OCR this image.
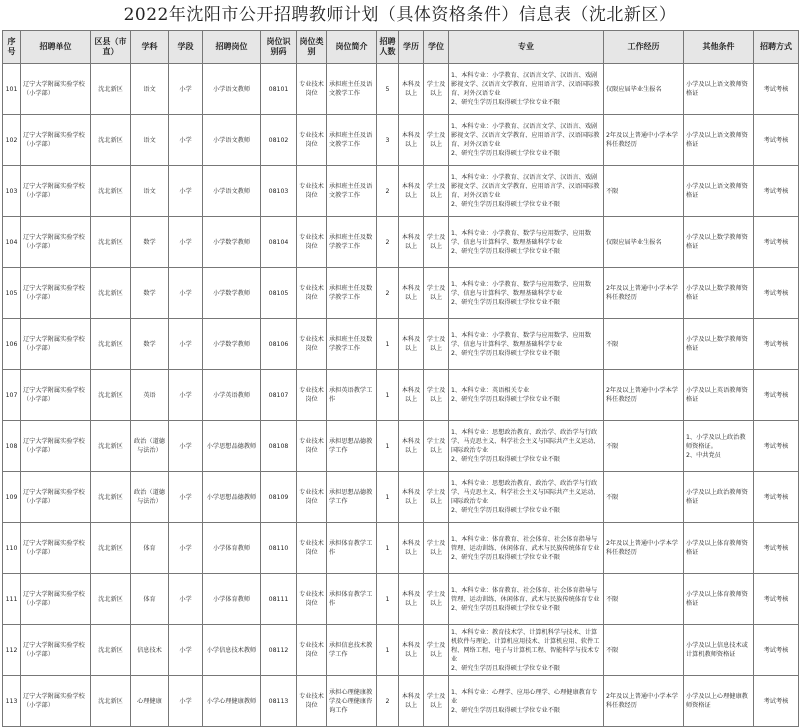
2022年沈阳市公开招聘教师计划（具体资格条件）信息表（沈北新区）
序号	招聘单位	区县（市直）	学科	学段	招聘岗位	岗位识别码	岗位类别	岗位简介	招聘人数	学历	学位	专业	工作经历	其他条件	招聘方式
101	辽宁大学附属实验学校（小学部）	沈北新区	语文	小学	小学语文教师	08101	专业技术岗位	承担班主任及语文教学工作	5	本科及以上	学士及以上	1、本科专业：小学教育、汉语言文学、汉语言、戏剧影视文学、汉语言文学教育、应用语言学、汉语国际教育、对外汉语专业
2、研究生学历且取得硕士学位专业不限	仅限应届毕业生报名	小学及以上语文教师资格证	考试考核
102	辽宁大学附属实验学校（小学部）	沈北新区	语文	小学	小学语文教师	08102	专业技术岗位	承担班主任及语文教学工作	3	本科及以上	学士及以上	1、本科专业：小学教育、汉语言文学、汉语言、戏剧影视文学、汉语言文学教育、应用语言学、汉语国际教育、对外汉语专业
2、研究生学历且取得硕士学位专业不限	2年及以上普通中小学本学科任教经历	小学及以上语文教师资格证	考试考核
103	辽宁大学附属实验学校（小学部）	沈北新区	语文	小学	小学语文教师	08103	专业技术岗位	承担班主任及语文教学工作	2	本科及以上	学士及以上	1、本科专业：小学教育、汉语言文学、汉语言、戏剧影视文学、汉语言文学教育、应用语言学、汉语国际教育、对外汉语专业
2、研究生学历且取得硕士学位专业不限	不限	小学及以上语文教师资格证	考试考核
104	辽宁大学附属实验学校（小学部）	沈北新区	数学	小学	小学数学教师	08104	专业技术岗位	承担班主任及数学教学工作	2	本科及以上	学士及以上	1、本科专业：小学教育、数学与应用数学、应用数学、信息与计算科学、数理基础科学专业
2、研究生学历且取得硕士学位专业不限	仅限应届毕业生报名	小学及以上数学教师资格证	考试考核
105	辽宁大学附属实验学校（小学部）	沈北新区	数学	小学	小学数学教师	08105	专业技术岗位	承担班主任及数学教学工作	2	本科及以上	学士及以上	1、本科专业：小学教育、数学与应用数学、应用数学、信息与计算科学、数理基础科学专业
2、研究生学历且取得硕士学位专业不限	2年及以上普通中小学本学科任教经历	小学及以上数学教师资格证	考试考核
106	辽宁大学附属实验学校（小学部）	沈北新区	数学	小学	小学数学教师	08106	专业技术岗位	承担班主任及数学教学工作	1	本科及以上	学士及以上	1、本科专业：小学教育、数学与应用数学、应用数学、信息与计算科学、数理基础科学专业
2、研究生学历且取得硕士学位专业不限	不限	小学及以上数学教师资格证	考试考核
107	辽宁大学附属实验学校（小学部）	沈北新区	英语	小学	小学英语教师	08107	专业技术岗位	承担英语教学工作	1	本科及以上	学士及以上	1、本科专业：英语相关专业
2、研究生学历且取得硕士学位专业不限	2年及以上普通中小学本学科任教经历	小学及以上英语教师资格证	考试考核
108	辽宁大学附属实验学校（小学部）	沈北新区	政治（道德与法治）	小学	小学思想品德教师	08108	专业技术岗位	承担思想品德教学工作	1	本科及以上	学士及以上	1、本科专业：思想政治教育、政治学、政治学与行政学、马克思主义、科学社会主义与国际共产主义运动、国际政治专业
2、研究生学历且取得硕士学位专业不限	不限	1、小学及以上政治教师资格证。
2、中共党员	考试考核
109	辽宁大学附属实验学校（小学部）	沈北新区	政治（道德与法治）	小学	小学思想品德教师	08109	专业技术岗位	承担思想品德教学工作	1	本科及以上	学士及以上	1、本科专业：思想政治教育、政治学、政治学与行政学、马克思主义、科学社会主义与国际共产主义运动、国际政治专业
2、研究生学历且取得硕士学位专业不限	不限	小学及以上政治教师资格证	考试考核
110	辽宁大学附属实验学校（小学部）	沈北新区	体育	小学	小学体育教师	08110	专业技术岗位	承担体育教学工作	1	本科及以上	学士及以上	1、本科专业：体育教育、社会体育、社会体育指导与管理、运动训练、休闲体育、武术与民族传统体育专业
2、研究生学历且取得硕士学位专业不限	2年及以上普通中小学本学科任教经历	小学及以上体育教师资格证	考试考核
111	辽宁大学附属实验学校（小学部）	沈北新区	体育	小学	小学体育教师	08111	专业技术岗位	承担体育教学工作	1	本科及以上	学士及以上	1、本科专业：体育教育、社会体育、社会体育指导与管理、运动训练、休闲体育、武术与民族传统体育专业
2、研究生学历且取得硕士学位专业不限	不限	小学及以上体育教师资格证	考试考核
112	辽宁大学附属实验学校（小学部）	沈北新区	信息技术	小学	小学信息技术教师	08112	专业技术岗位	承担信息技术教学工作	1	本科及以上	学士及以上	1、本科专业：教育技术学、计算机科学与技术、计算机软件与理论、计算机应用技术、计算机应用、软件工程、网络工程、电子与计算机工程、智能科学与技术专业
2、研究生学历且取得硕士学位专业不限	不限	小学及以上信息技术或计算机教师资格证	考试考核
113	辽宁大学附属实验学校（小学部）	沈北新区	心理健康	小学	小学心理健康教师	08113	专业技术岗位	承担心理健康教学及心理健康咨询工作	2	本科及以上	学士及以上	1、本科专业：心理学、应用心理学、心理健康教育专业
2、研究生学历且取得硕士学位专业不限	2年及以上普通中小学本学科任教经历	小学及以上心理健康教师资格证	考试考核
